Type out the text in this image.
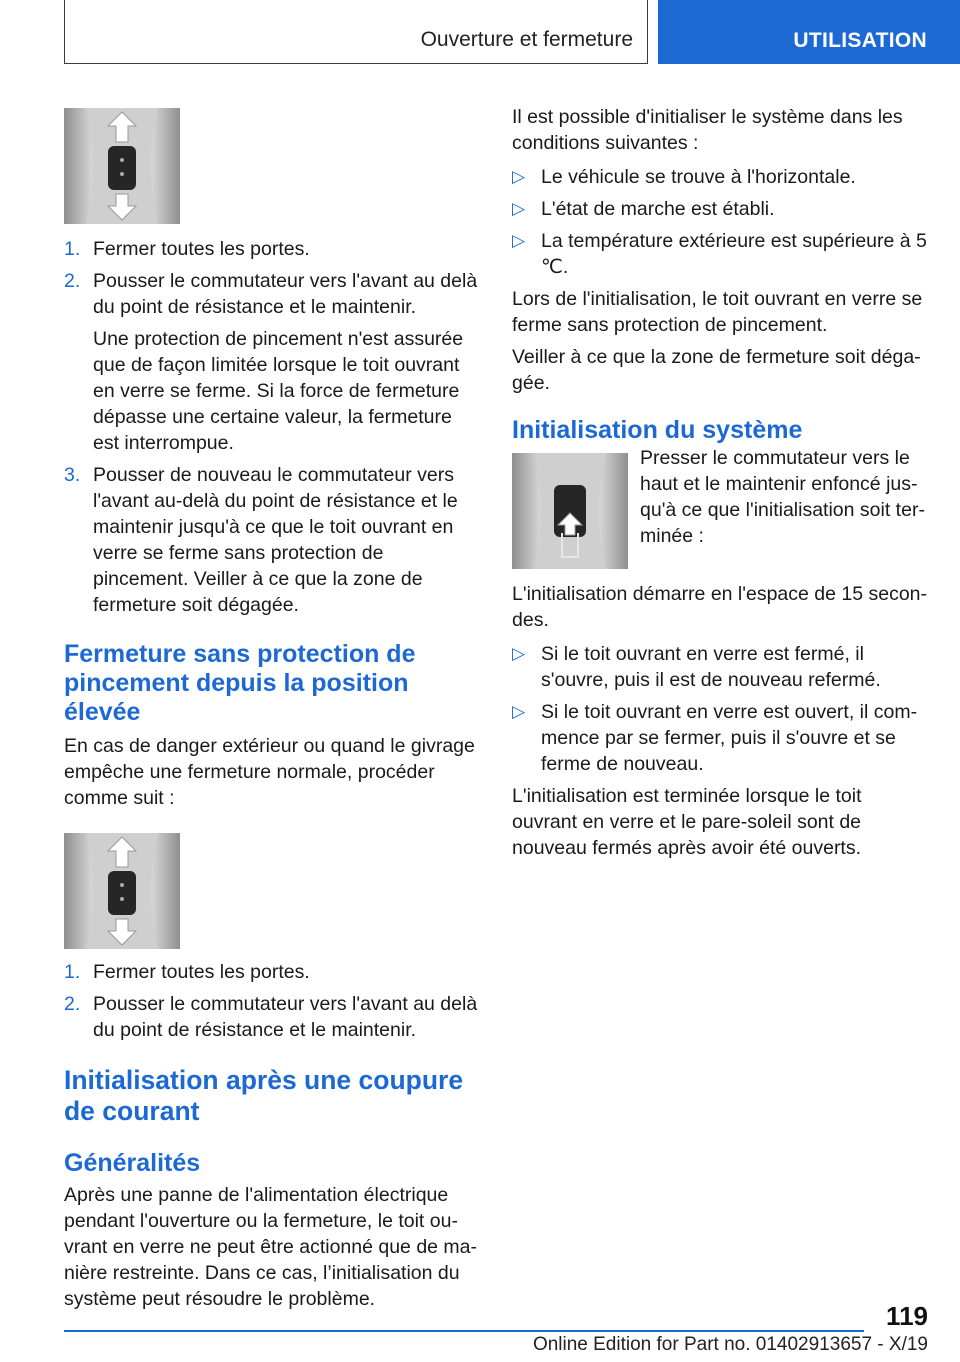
Ouverture et fermeture	UTILISATION
1. Fermer toutes les portes.

2. Pousser le commutateur vers l'avant au delà du point de résistance et le maintenir.

Une protection de pincement n'est assurée que de façon limitée lorsque le toit ouvrant en verre se ferme. Si la force de fermeture dépasse une certaine valeur, la fermeture est interrompue.

3. Pousser de nouveau le commutateur vers l'avant au-delà du point de résistance et le maintenir jusqu'à ce que le toit ouvrant en verre se ferme sans protection de pincement. Veiller à ce que la zone de fermeture soit dégagée.

Fermeture sans protection de pincement depuis la position élevée

En cas de danger extérieur ou quand le givrage empêche une fermeture normale, procéder comme suit :

1. Fermer toutes les portes.

2. Pousser le commutateur vers l'avant au delà du point de résistance et le maintenir.

Initialisation après une coupure de courant

Généralités

Après une panne de l'alimentation électrique pendant l'ouverture ou la fermeture, le toit ouvrant en verre ne peut être actionné que de manière restreinte. Dans ce cas, l’initialisation du système peut résoudre le problème.

Il est possible d'initialiser le système dans les conditions suivantes :

▷ Le véhicule se trouve à l'horizontale.

▷ L'état de marche est établi.

▷ La température extérieure est supérieure à 5 ℃.

Lors de l'initialisation, le toit ouvrant en verre se ferme sans protection de pincement.

Veiller à ce que la zone de fermeture soit dégagée.

Initialisation du système

Presser le commutateur vers le haut et le maintenir enfoncé jusqu'à ce que l'initialisation soit terminée :

L'initialisation démarre en l'espace de 15 secondes.

▷ Si le toit ouvrant en verre est fermé, il s'ouvre, puis il est de nouveau refermé.

▷ Si le toit ouvrant en verre est ouvert, il commence par se fermer, puis il s'ouvre et se ferme de nouveau.

L'initialisation est terminée lorsque le toit ouvrant en verre et le pare-soleil sont de nouveau fermés après avoir été ouverts.

119
Online Edition for Part no. 01402913657 - X/19
